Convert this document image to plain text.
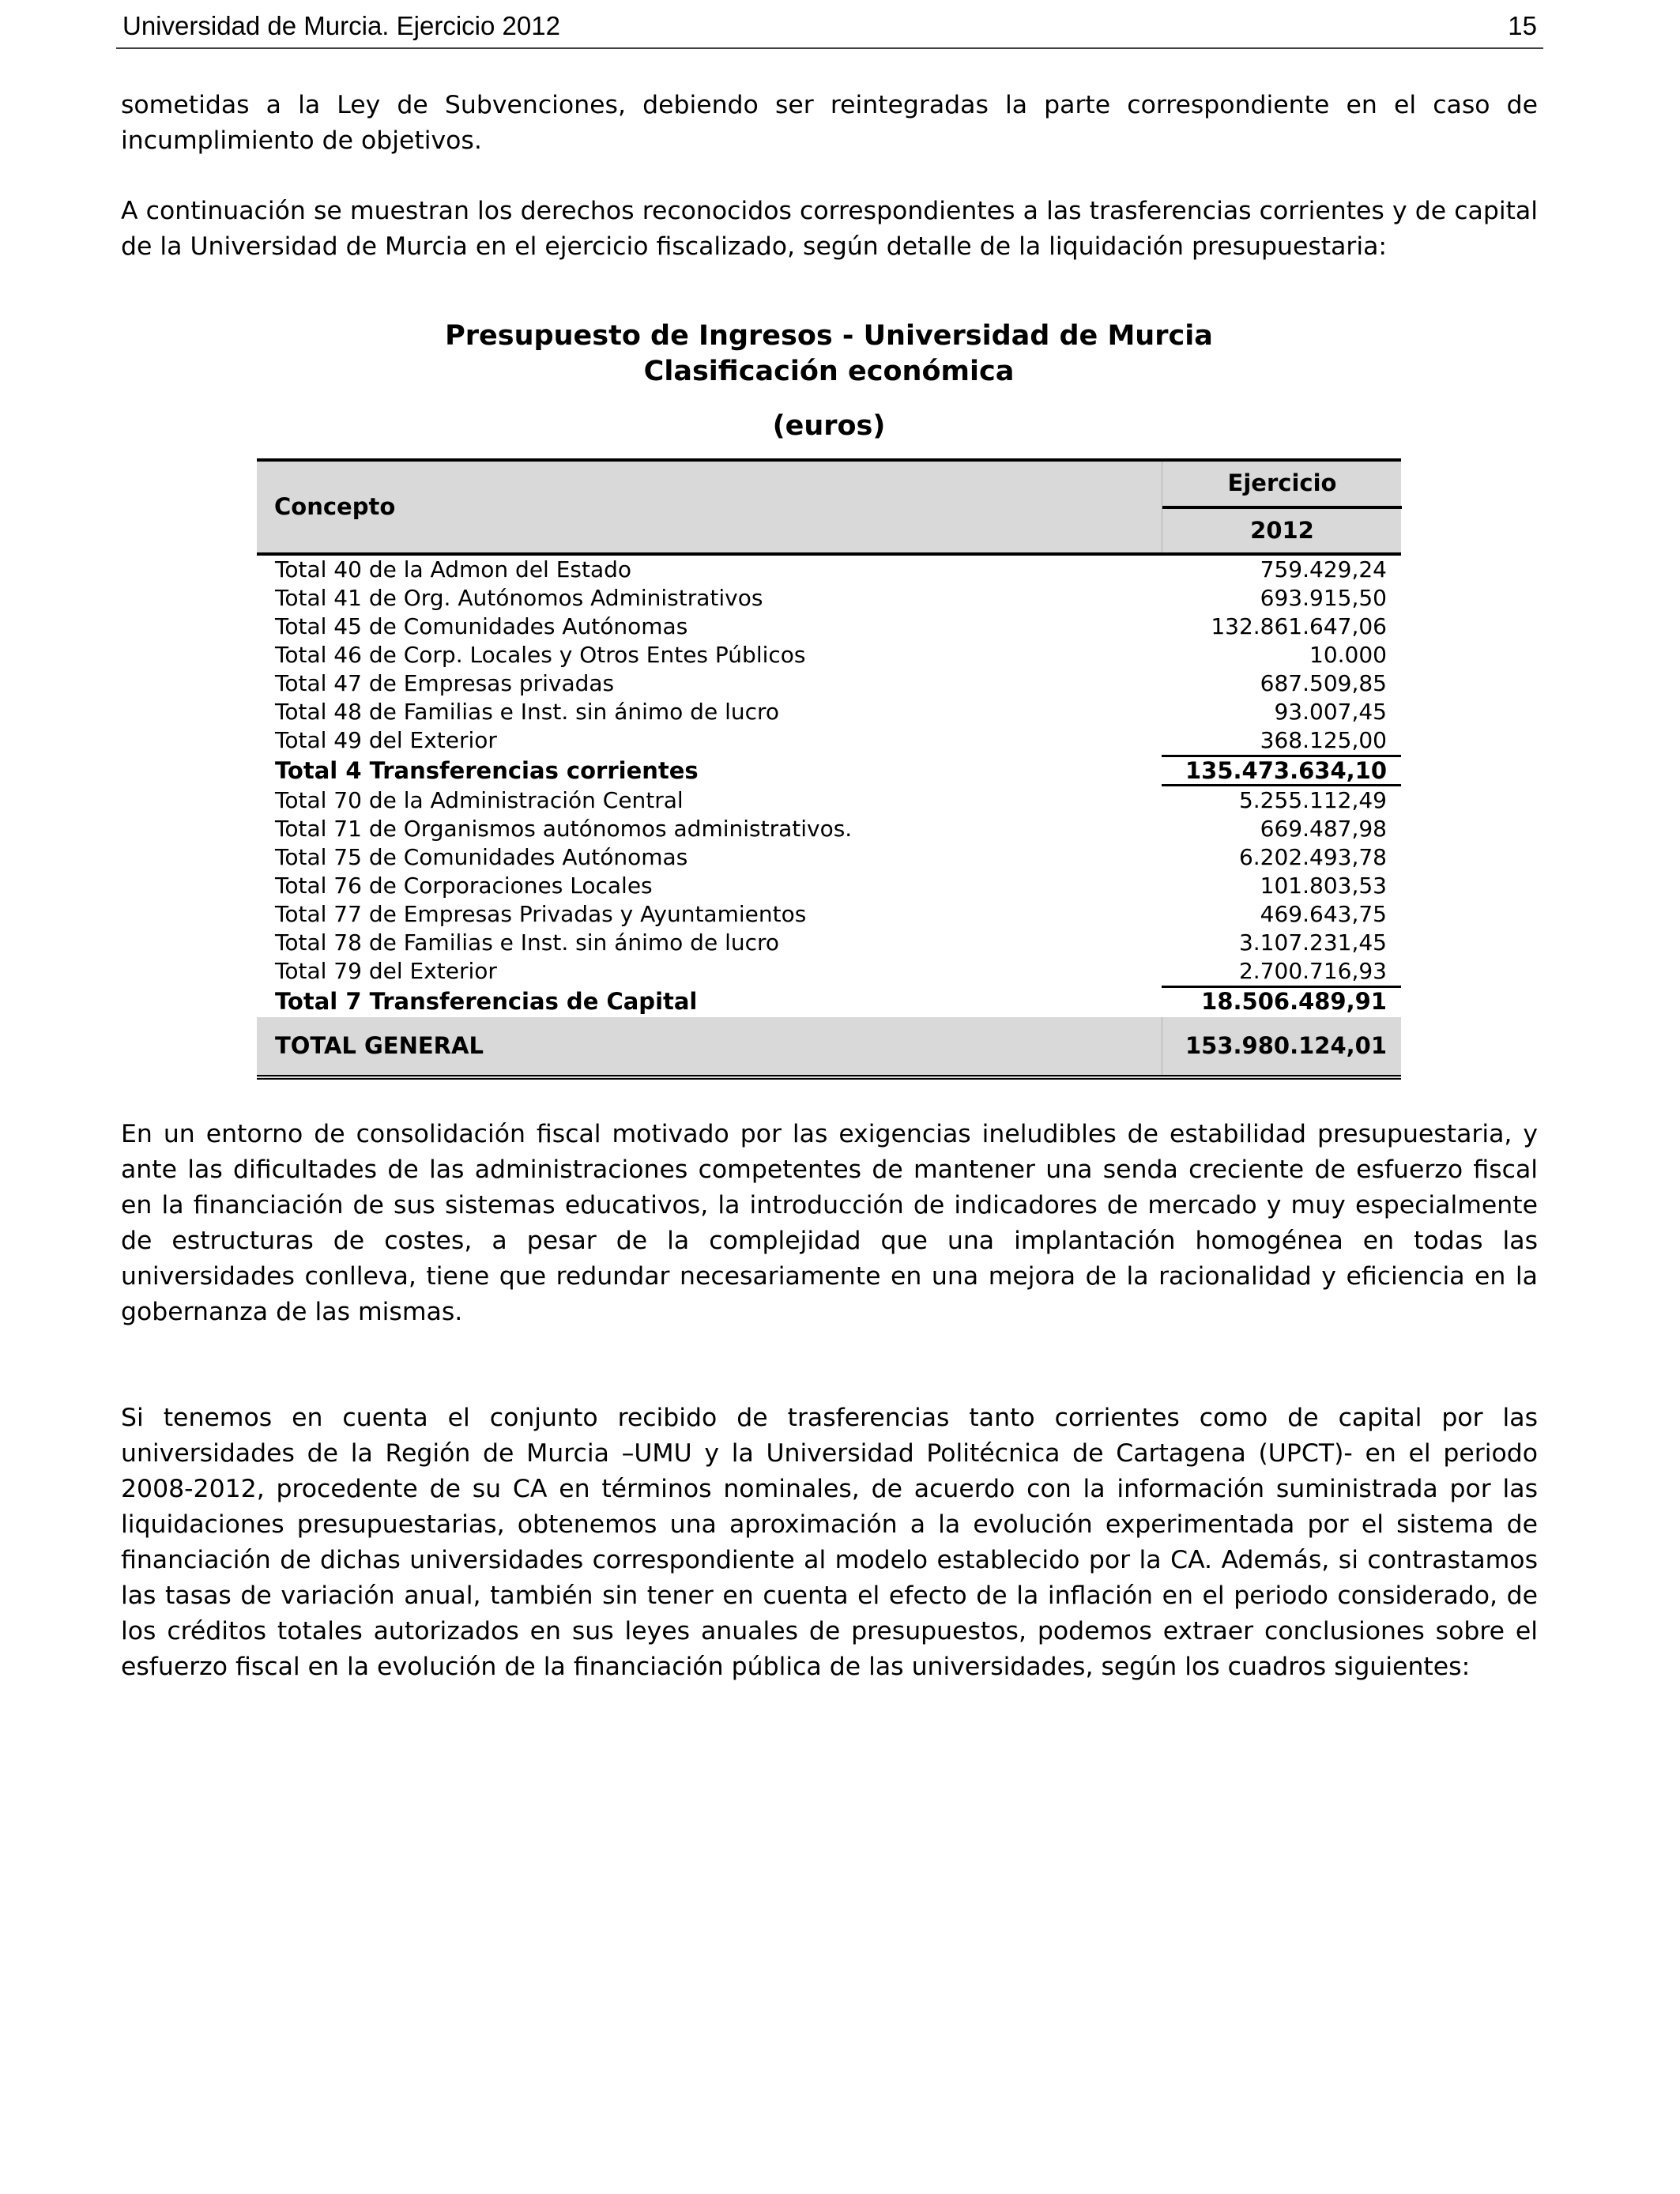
Universidad de Murcia. Ejercicio 2012	15

sometidas a la Ley de Subvenciones, debiendo ser reintegradas la parte correspondiente en el caso de incumplimiento de objetivos.

A continuación se muestran los derechos reconocidos correspondientes a las trasferencias corrientes y de capital de la Universidad de Murcia en el ejercicio fiscalizado, según detalle de la liquidación presupuestaria:

Presupuesto de Ingresos - Universidad de Murcia

Clasificación económica

(euros)

Concepto
Ejercicio
2012
Total 40 de la Admon del Estado	759.429,24
Total 41 de Org. Autónomos Administrativos	693.915,50
Total 45 de Comunidades Autónomas	132.861.647,06
Total 46 de Corp. Locales y Otros Entes Públicos	10.000
Total 47 de Empresas privadas	687.509,85
Total 48 de Familias e Inst. sin ánimo de lucro	93.007,45
Total 49 del Exterior	368.125,00
Total 4 Transferencias corrientes	135.473.634,10
Total 70 de la Administración Central	5.255.112,49
Total 71 de Organismos autónomos administrativos.	669.487,98
Total 75 de Comunidades Autónomas	6.202.493,78
Total 76 de Corporaciones Locales	101.803,53
Total 77 de Empresas Privadas y Ayuntamientos	469.643,75
Total 78 de Familias e Inst. sin ánimo de lucro	3.107.231,45
Total 79 del Exterior	2.700.716,93
Total 7 Transferencias de Capital	18.506.489,91
TOTAL GENERAL	153.980.124,01

En un entorno de consolidación fiscal motivado por las exigencias ineludibles de estabilidad presupuestaria, y ante las dificultades de las administraciones competentes de mantener una senda creciente de esfuerzo fiscal en la financiación de sus sistemas educativos, la introducción de indicadores de mercado y muy especialmente de estructuras de costes, a pesar de la complejidad que una implantación homogénea en todas las universidades conlleva, tiene que redundar necesariamente en una mejora de la racionalidad y eficiencia en la gobernanza de las mismas.

Si tenemos en cuenta el conjunto recibido de trasferencias tanto corrientes como de capital por las universidades de la Región de Murcia –UMU y la Universidad Politécnica de Cartagena (UPCT)- en el periodo 2008-2012, procedente de su CA en términos nominales, de acuerdo con la información suministrada por las liquidaciones presupuestarias, obtenemos una aproximación a la evolución experimentada por el sistema de financiación de dichas universidades correspondiente al modelo establecido por la CA. Además, si contrastamos las tasas de variación anual, también sin tener en cuenta el efecto de la inflación en el periodo considerado, de los créditos totales autorizados en sus leyes anuales de presupuestos, podemos extraer conclusiones sobre el esfuerzo fiscal en la evolución de la financiación pública de las universidades, según los cuadros siguientes:
